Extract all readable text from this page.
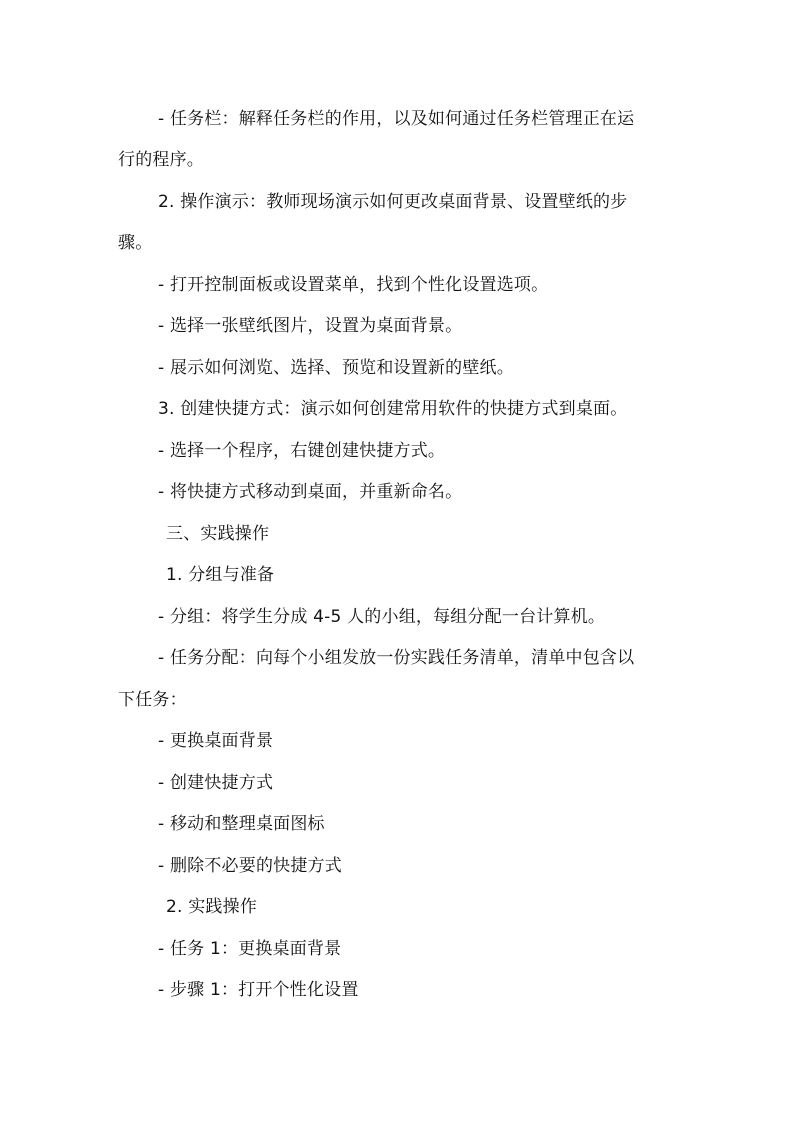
- 任务栏：解释任务栏的作用，以及如何通过任务栏管理正在运
行的程序。
2. 操作演示：教师现场演示如何更改桌面背景、设置壁纸的步
骤。
- 打开控制面板或设置菜单，找到个性化设置选项。
- 选择一张壁纸图片，设置为桌面背景。
- 展示如何浏览、选择、预览和设置新的壁纸。
3. 创建快捷方式：演示如何创建常用软件的快捷方式到桌面。
- 选择一个程序，右键创建快捷方式。
- 将快捷方式移动到桌面，并重新命名。
三、实践操作
1. 分组与准备
- 分组：将学生分成 4-5 人的小组，每组分配一台计算机。
- 任务分配：向每个小组发放一份实践任务清单，清单中包含以
下任务：
- 更换桌面背景
- 创建快捷方式
- 移动和整理桌面图标
- 删除不必要的快捷方式
2. 实践操作
- 任务 1：更换桌面背景
- 步骤 1：打开个性化设置
